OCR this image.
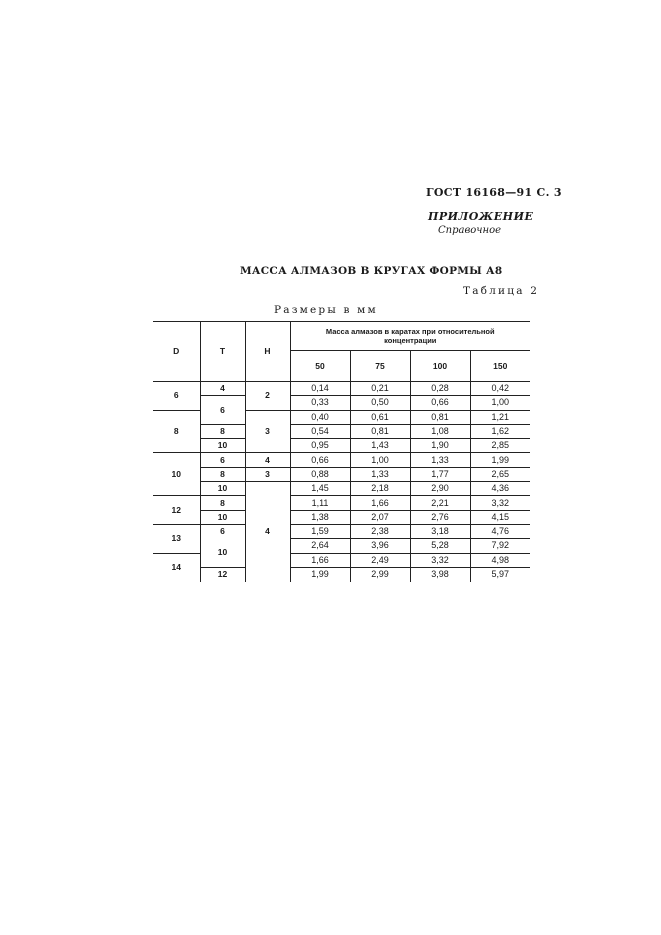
ГОСТ 16168—91 С. 3
ПРИЛОЖЕНИЕ
Справочное
МАССА АЛМАЗОВ В КРУГАХ ФОРМЫ А8
Таблица 2
Размеры в мм
D	T	H	Масса алмазов в каратах при относительной концентрации			
			50	75	100	150
6	4	2	0,14	0,21	0,28	0,42
	6		0,33	0,50	0,66	1,00
8		3	0,40	0,61	0,81	1,21
	8		0,54	0,81	1,08	1,62
	10		0,95	1,43	1,90	2,85
10	6	4	0,66	1,00	1,33	1,99
	8	3	0,88	1,33	1,77	2,65
	10	4	1,45	2,18	2,90	4,36
12	8		1,11	1,66	2,21	3,32
	10		1,38	2,07	2,76	4,15
13	6		1,59	2,38	3,18	4,76
	10		2,64	3,96	5,28	7,92
14			1,66	2,49	3,32	4,98
	12		1,99	2,99	3,98	5,97
